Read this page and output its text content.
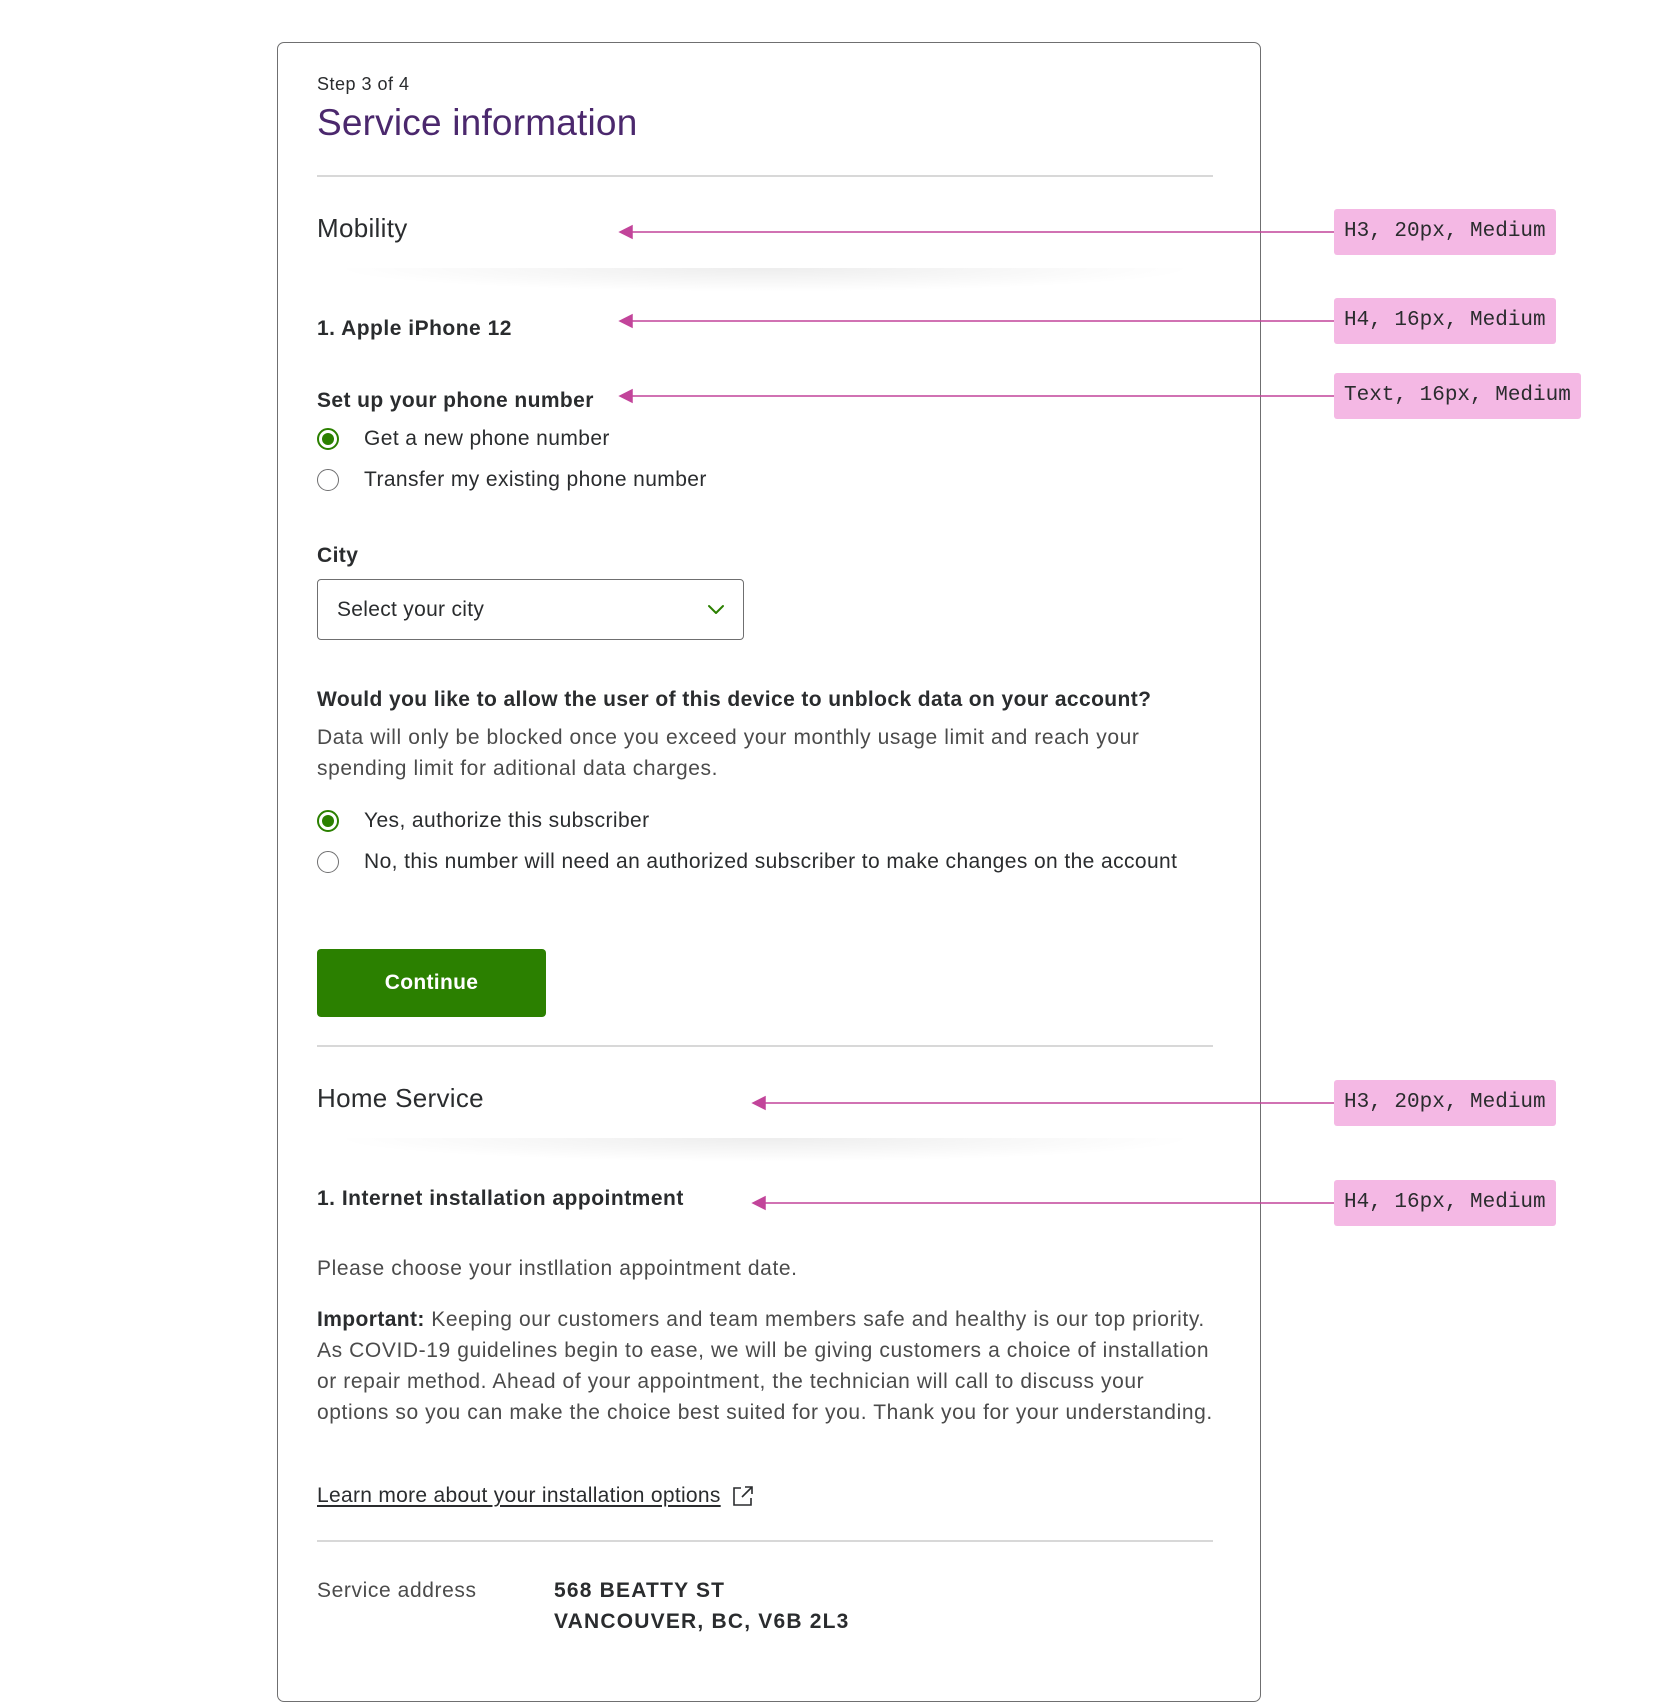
Step 3 of 4
Service information
Mobility
1. Apple iPhone 12
Set up your phone number
Get a new phone number
Transfer my existing phone number
City
Select your city
Would you like to allow the user of this device to unblock data on your account?
Data will only be blocked once you exceed your monthly usage limit and reach your spending limit for aditional data charges.
Yes, authorize this subscriber
No, this number will need an authorized subscriber to make changes on the account
Continue
Home Service
1. Internet installation appointment
Please choose your instllation appointment date.
Important: Keeping our customers and team members safe and healthy is our top priority. As COVID-19 guidelines begin to ease, we will be giving customers a choice of installation or repair method. Ahead of your appointment, the technician will call to discuss your options so you can make the choice best suited for you. Thank you for your understanding.
Learn more about your installation options
Service address	568 BEATTY ST
VANCOUVER, BC, V6B 2L3
H3, 20px, Medium
H4, 16px, Medium
Text, 16px, Medium
H3, 20px, Medium
H4, 16px, Medium
